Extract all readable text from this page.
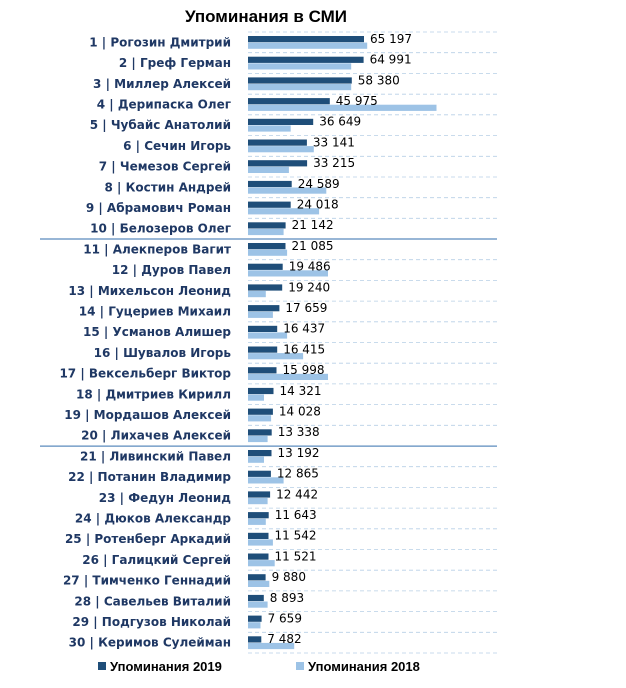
Упоминания в СМИ
1 | Рогозин Дмитрий
2 | Греф Герман
3 | Миллер Алексей
4 | Дерипаска Олег
5 | Чубайс Анатолий
6 | Сечин Игорь
7 | Чемезов Сергей
8 | Костин Андрей
9 | Абрамович Роман
10 | Белозеров Олег
11 | Алекперов Вагит
12 | Дуров Павел
13 | Михельсон Леонид
14 | Гуцериев Михаил
15 | Усманов Алишер
16 | Шувалов Игорь
17 | Вексельберг Виктор
18 | Дмитриев Кирилл
19 | Мордашов Алексей
20 | Лихачев Алексей
21 | Ливинский Павел
22 | Потанин Владимир
23 | Федун Леонид
24 | Дюков Александр
25 | Ротенберг Аркадий
26 | Галицкий Сергей
27 | Тимченко Геннадий
28 | Савельев Виталий
29 | Подгузов Николай
30 | Керимов Сулейман
65 197
64 991
58 380
45 975
36 649
33 141
33 215
24 589
24 018
21 142
21 085
19 486
19 240
17 659
16 437
16 415
15 998
14 321
14 028
13 338
13 192
12 865
12 442
11 643
11 542
11 521
9 880
8 893
7 659
7 482
Упоминания 2019	Упоминания 2018
